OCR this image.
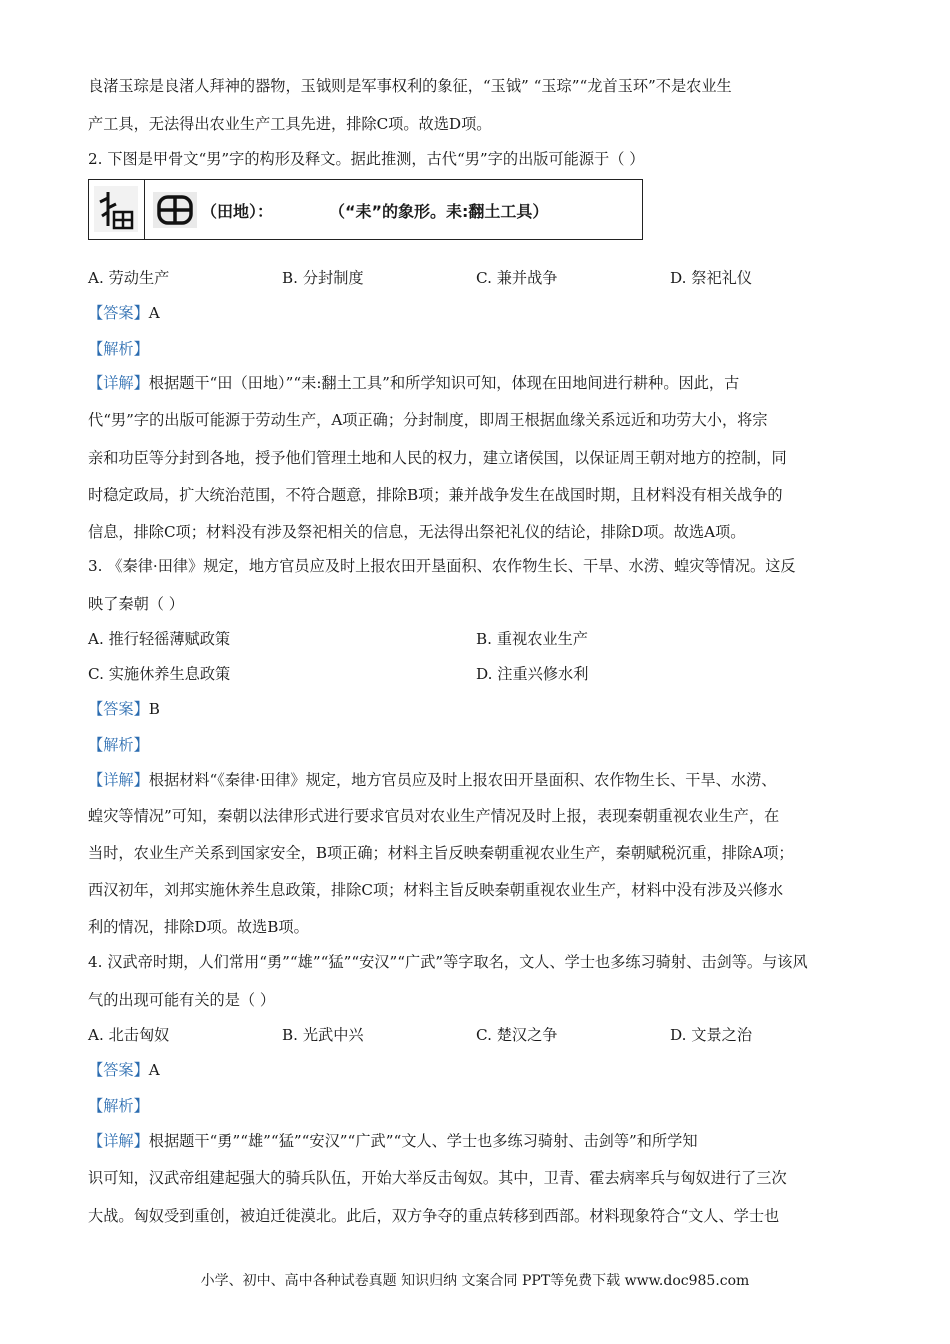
良渚玉琮是良渚人拜神的器物，玉钺则是军事权利的象征，“玉钺” “玉琮”“龙首玉环”不是农业生
产工具，无法得出农业生产工具先进，排除C项。故选D项。
2. 下图是甲骨文“男”字的构形及释文。据此推测，古代“男”字的出版可能源于（ ）
（田地）：	（“耒”的象形。耒:翻土工具）
A. 劳动生产	B. 分封制度	C. 兼并战争	D. 祭祀礼仪
【答案】A
【解析】
【详解】根据题干“田（田地）”“耒:翻土工具”和所学知识可知，体现在田地间进行耕种。因此，古
代“男”字的出版可能源于劳动生产，A项正确；分封制度，即周王根据血缘关系远近和功劳大小，将宗
亲和功臣等分封到各地，授予他们管理土地和人民的权力，建立诸侯国，以保证周王朝对地方的控制，同
时稳定政局，扩大统治范围，不符合题意，排除B项；兼并战争发生在战国时期，且材料没有相关战争的
信息，排除C项；材料没有涉及祭祀相关的信息，无法得出祭祀礼仪的结论，排除D项。故选A项。
3. 《秦律·田律》规定，地方官员应及时上报农田开垦面积、农作物生长、干旱、水涝、蝗灾等情况。这反
映了秦朝（ ）
A. 推行轻徭薄赋政策	B. 重视农业生产
C. 实施休养生息政策	D. 注重兴修水利
【答案】B
【解析】
【详解】根据材料“《秦律·田律》规定，地方官员应及时上报农田开垦面积、农作物生长、干旱、水涝、
蝗灾等情况”可知，秦朝以法律形式进行要求官员对农业生产情况及时上报，表现秦朝重视农业生产，在
当时，农业生产关系到国家安全，B项正确；材料主旨反映秦朝重视农业生产，秦朝赋税沉重，排除A项；
西汉初年，刘邦实施休养生息政策，排除C项；材料主旨反映秦朝重视农业生产，材料中没有涉及兴修水
利的情况，排除D项。故选B项。
4. 汉武帝时期，人们常用“勇”“雄”“猛”“安汉”“广武”等字取名，文人、学士也多练习骑射、击剑等。与该风
气的出现可能有关的是（ ）
A. 北击匈奴	B. 光武中兴	C. 楚汉之争	D. 文景之治
【答案】A
【解析】
【详解】根据题干“勇”“雄”“猛”“安汉”“广武”“文人、学士也多练习骑射、击剑等”和所学知
识可知，汉武帝组建起强大的骑兵队伍，开始大举反击匈奴。其中，卫青、霍去病率兵与匈奴进行了三次
大战。匈奴受到重创，被迫迁徙漠北。此后，双方争夺的重点转移到西部。材料现象符合“文人、学士也
小学、初中、高中各种试卷真题 知识归纳 文案合同 PPT等免费下载 www.doc985.com
